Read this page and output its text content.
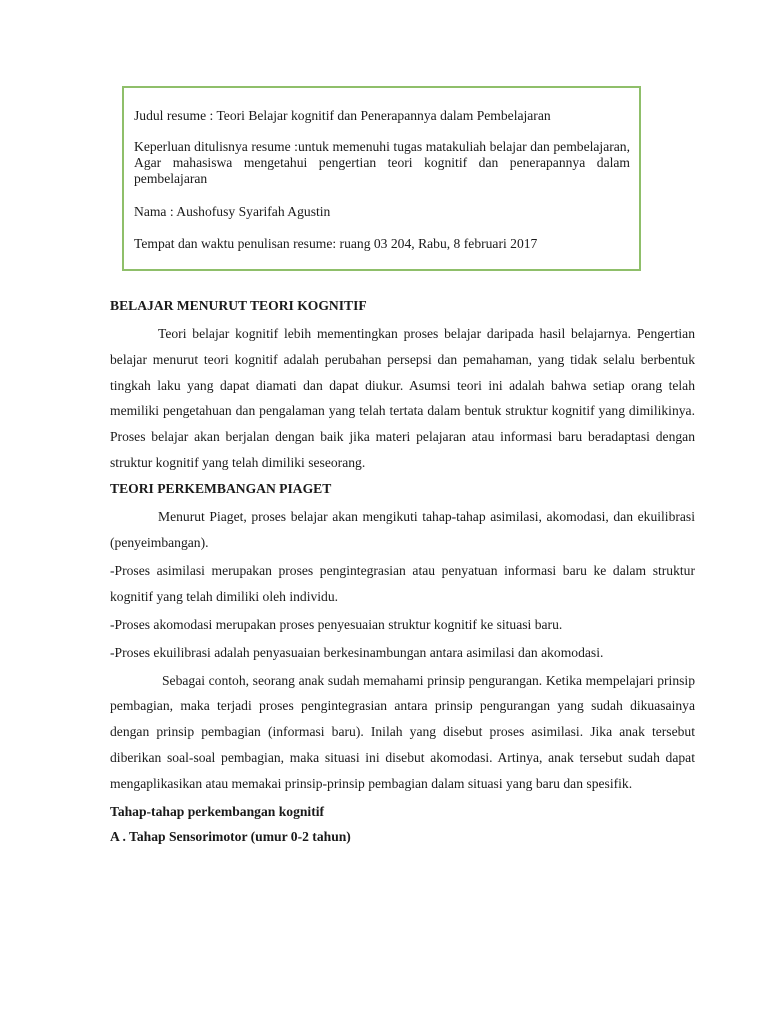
Judul resume : Teori Belajar kognitif dan Penerapannya dalam Pembelajaran

Keperluan ditulisnya resume :untuk memenuhi tugas matakuliah belajar dan pembelajaran, Agar mahasiswa mengetahui pengertian teori kognitif dan penerapannya dalam pembelajaran

Nama : Aushofusy Syarifah Agustin

Tempat dan waktu penulisan resume: ruang 03 204, Rabu, 8 februari 2017

BELAJAR MENURUT TEORI KOGNITIF

Teori belajar kognitif lebih mementingkan proses belajar daripada hasil belajarnya. Pengertian belajar menurut teori kognitif adalah perubahan persepsi dan pemahaman, yang tidak selalu berbentuk tingkah laku yang dapat diamati dan dapat diukur. Asumsi teori ini adalah bahwa setiap orang telah memiliki pengetahuan dan pengalaman yang telah tertata dalam bentuk struktur kognitif yang dimilikinya. Proses belajar akan berjalan dengan baik jika materi pelajaran atau informasi baru beradaptasi dengan struktur kognitif yang telah dimiliki seseorang.

TEORI PERKEMBANGAN PIAGET

Menurut Piaget, proses belajar akan mengikuti tahap-tahap asimilasi, akomodasi, dan ekuilibrasi (penyeimbangan).

-Proses asimilasi merupakan proses pengintegrasian atau penyatuan informasi baru ke dalam struktur kognitif yang telah dimiliki oleh individu.

-Proses akomodasi merupakan proses penyesuaian struktur kognitif ke situasi baru.

-Proses ekuilibrasi adalah penyasuaian berkesinambungan antara asimilasi dan akomodasi.

Sebagai contoh, seorang anak sudah memahami prinsip pengurangan. Ketika mempelajari prinsip pembagian, maka terjadi proses pengintegrasian antara prinsip pengurangan yang sudah dikuasainya dengan prinsip pembagian (informasi baru). Inilah yang disebut proses asimilasi. Jika anak tersebut diberikan soal-soal pembagian, maka situasi ini disebut akomodasi. Artinya, anak tersebut sudah dapat mengaplikasikan atau memakai prinsip-prinsip pembagian dalam situasi yang baru dan spesifik.

Tahap-tahap perkembangan kognitif

A . Tahap Sensorimotor (umur 0-2 tahun)
